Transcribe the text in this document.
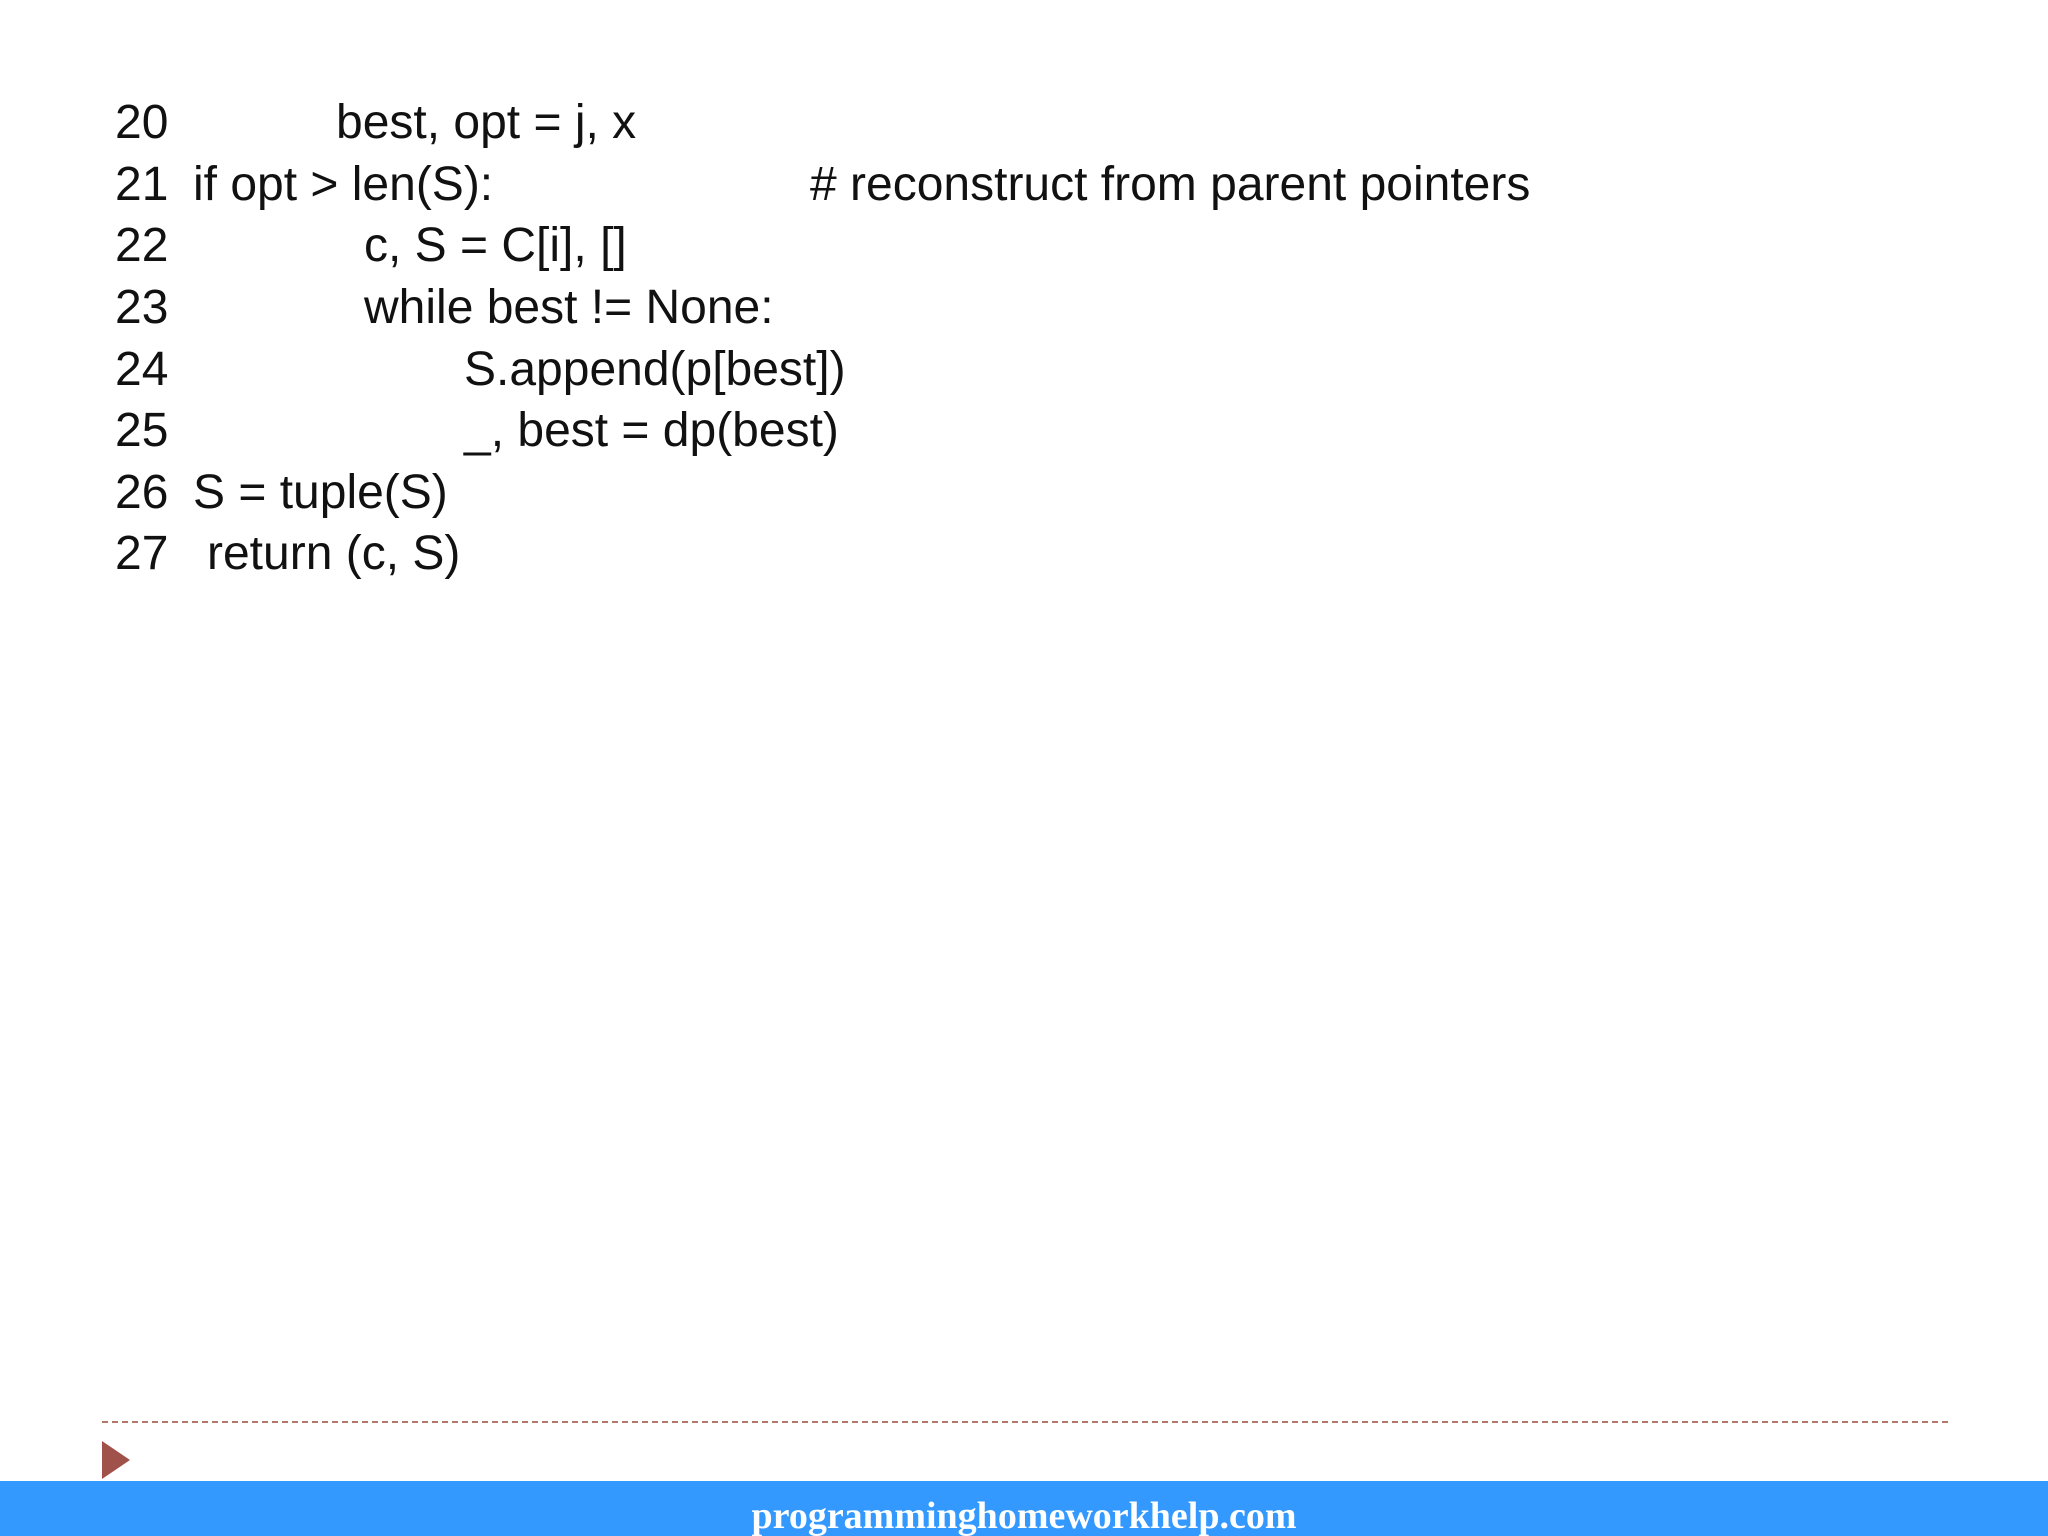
20

	best, opt = j, x

21

if opt > len(S):

	# reconstruct from parent pointers

22

	c, S = C[i], []

23

	while best != None:

24

	S.append(p[best])

25

	_, best = dp(best)

26

S = tuple(S)

27

return (c, S)

programminghomeworkhelp.com
